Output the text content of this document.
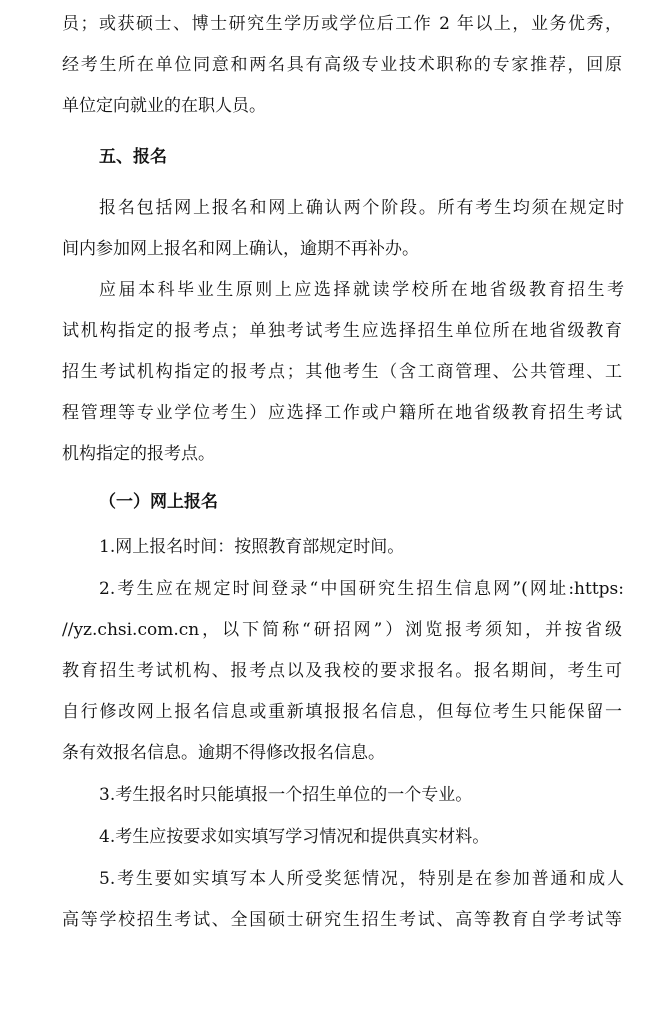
员；或获硕士、博士研究生学历或学位后工作 2 年以上，业务优秀，
经考生所在单位同意和两名具有高级专业技术职称的专家推荐，回原
单位定向就业的在职人员。
五、报名
报名包括网上报名和网上确认两个阶段。所有考生均须在规定时
间内参加网上报名和网上确认，逾期不再补办。
应届本科毕业生原则上应选择就读学校所在地省级教育招生考
试机构指定的报考点；单独考试考生应选择招生单位所在地省级教育
招生考试机构指定的报考点；其他考生（含工商管理、公共管理、工
程管理等专业学位考生）应选择工作或户籍所在地省级教育招生考试
机构指定的报考点。
（一）网上报名
1.网上报名时间：按照教育部规定时间。
2.考生应在规定时间登录“中国研究生招生信息网”(网址:https:
//yz.chsi.com.cn，以下简称“研招网”）浏览报考须知，并按省级
教育招生考试机构、报考点以及我校的要求报名。报名期间，考生可
自行修改网上报名信息或重新填报报名信息，但每位考生只能保留一
条有效报名信息。逾期不得修改报名信息。
3.考生报名时只能填报一个招生单位的一个专业。
4.考生应按要求如实填写学习情况和提供真实材料。
5.考生要如实填写本人所受奖惩情况，特别是在参加普通和成人
高等学校招生考试、全国硕士研究生招生考试、高等教育自学考试等
